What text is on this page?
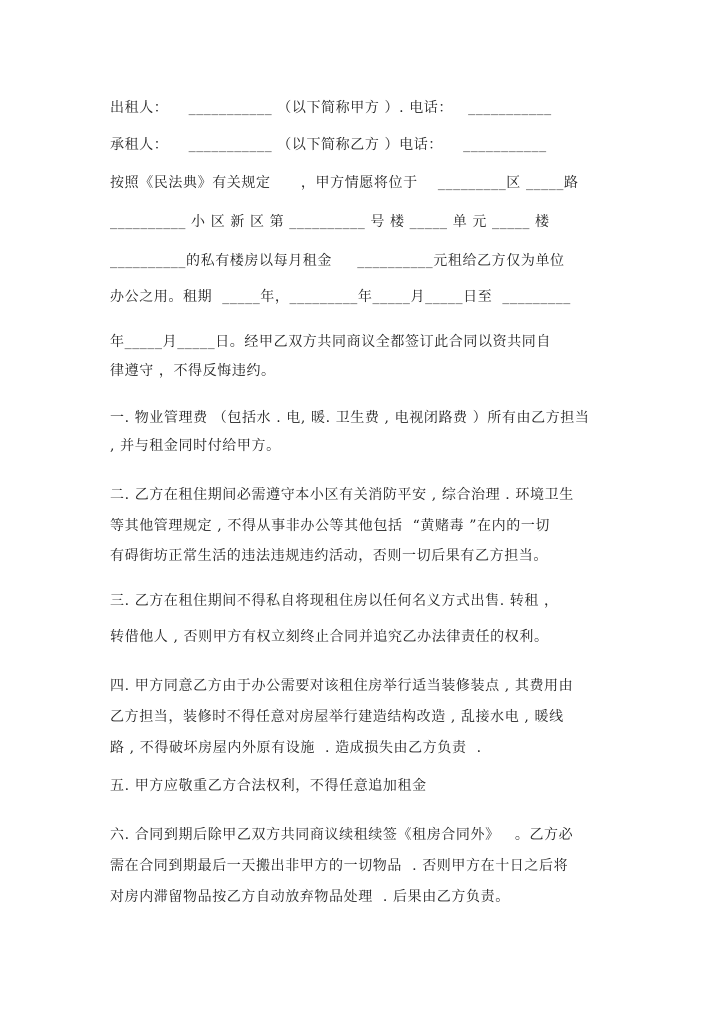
出租人：    ___________ （以下简称甲方 ）. 电话：   ___________
承租人：    ___________ （以下简称乙方 ）电话：    ___________
按照《民法典》有关规定      ，甲方情愿将位于    _________区 _____路
__________ 小 区 新 区 第 __________ 号 楼 _____ 单 元 _____ 楼
__________的私有楼房以每月租金     __________元租给乙方仅为单位
办公之用。租期  _____年，_________年_____月_____日至  _________
年_____月_____日。经甲乙双方共同商议全都签订此合同以资共同自
律遵守 ，不得反悔违约。
一. 物业管理费 （包括水 . 电, 暖. 卫生费 , 电视闭路费 ）所有由乙方担当
, 并与租金同时付给甲方。
二. 乙方在租住期间必需遵守本小区有关消防平安 , 综合治理 . 环境卫生
等其他管理规定 , 不得从事非办公等其他包括  “黄赌毒 ”在内的一切
有碍街坊正常生活的违法违规违约活动，否则一切后果有乙方担当。
三. 乙方在租住期间不得私自将现租住房以任何名义方式出售. 转租 ，
转借他人 , 否则甲方有权立刻终止合同并追究乙办法律责任的权利。
四. 甲方同意乙方由于办公需要对该租住房举行适当装修装点 , 其费用由
乙方担当，装修时不得任意对房屋举行建造结构改造 , 乱接水电 , 暖线
路 , 不得破坏房屋内外原有设施  . 造成损失由乙方负责  .
五. 甲方应敬重乙方合法权利，不得任意追加租金
六. 合同到期后除甲乙双方共同商议续租续签《租房合同外》   。乙方必
需在合同到期最后一天搬出非甲方的一切物品  . 否则甲方在十日之后将
对房内滞留物品按乙方自动放弃物品处理  . 后果由乙方负责。
